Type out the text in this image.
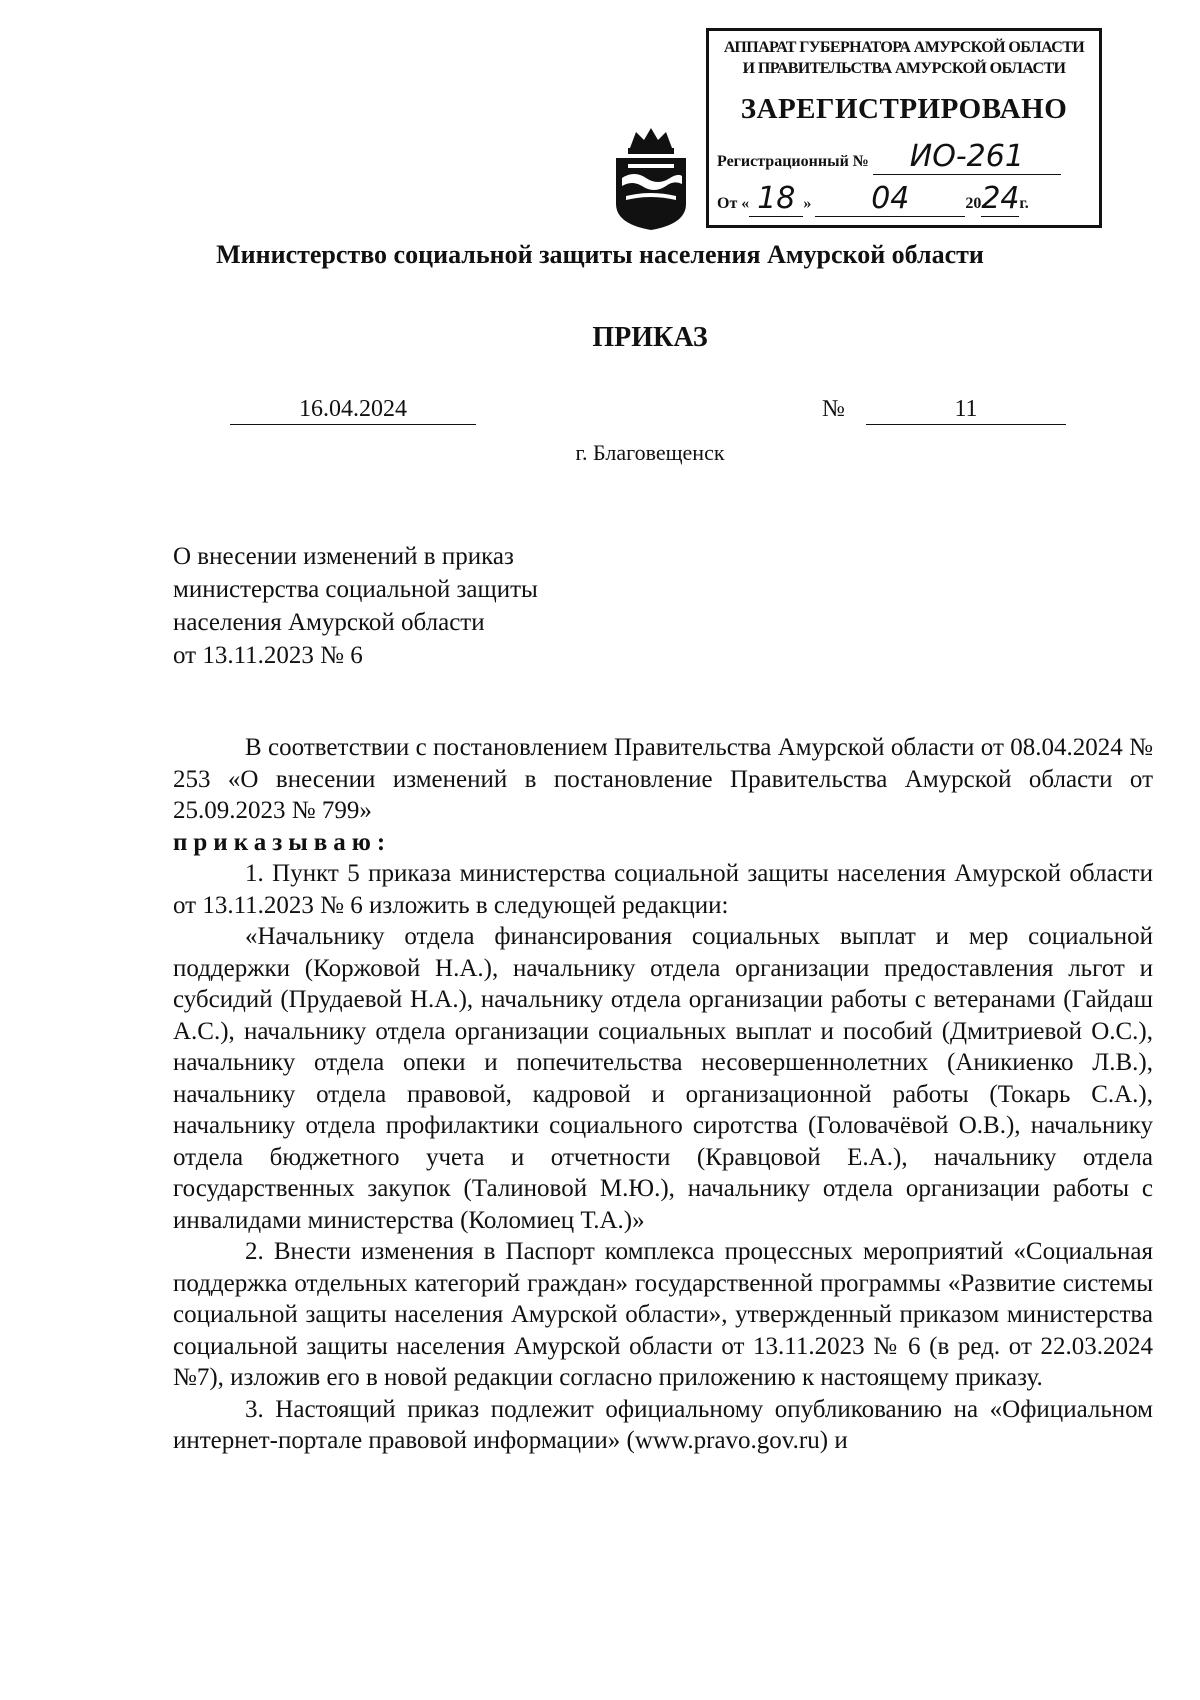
АППАРАТ ГУБЕРНАТОРА АМУРСКОЙ ОБЛАСТИ
И ПРАВИТЕЛЬСТВА АМУРСКОЙ ОБЛАСТИ
ЗАРЕГИСТРИРОВАНО
Регистрационный № ИО-261
От « 18 » 04	2024г.
Министерство социальной защиты населения Амурской области
ПРИКАЗ
16.04.2024	№	11
г. Благовещенск
О внесении изменений в приказ
министерства социальной защиты
населения Амурской области
от 13.11.2023 № 6

В соответствии с постановлением Правительства Амурской области от 08.04.2024 № 253 «О внесении изменений в постановление Правительства Амурской области от 25.09.2023 № 799»

приказываю:

1. Пункт 5 приказа министерства социальной защиты населения Амурской области от 13.11.2023 № 6 изложить в следующей редакции:

«Начальнику отдела финансирования социальных выплат и мер социальной поддержки (Коржовой Н.А.), начальнику отдела организации предоставления льгот и субсидий (Прудаевой Н.А.), начальнику отдела организации работы с ветеранами (Гайдаш А.С.), начальнику отдела организации социальных выплат и пособий (Дмитриевой О.С.), начальнику отдела опеки и попечительства несовершеннолетних (Аникиенко Л.В.), начальнику отдела правовой, кадровой и организационной работы (Токарь С.А.), начальнику отдела профилактики социального сиротства (Головачёвой О.В.), начальнику отдела бюджетного учета и отчетности (Кравцовой Е.А.), начальнику отдела государственных закупок (Талиновой М.Ю.), начальнику отдела организации работы с инвалидами министерства (Коломиец Т.А.)»

2. Внести изменения в Паспорт комплекса процессных мероприятий «Социальная поддержка отдельных категорий граждан» государственной программы «Развитие системы социальной защиты населения Амурской области», утвержденный приказом министерства социальной защиты населения Амурской области от 13.11.2023 № 6 (в ред. от 22.03.2024 №7), изложив его в новой редакции согласно приложению к настоящему приказу.

3. Настоящий приказ подлежит официальному опубликованию на «Официальном интернет-портале правовой информации» (www.pravo.gov.ru) и
